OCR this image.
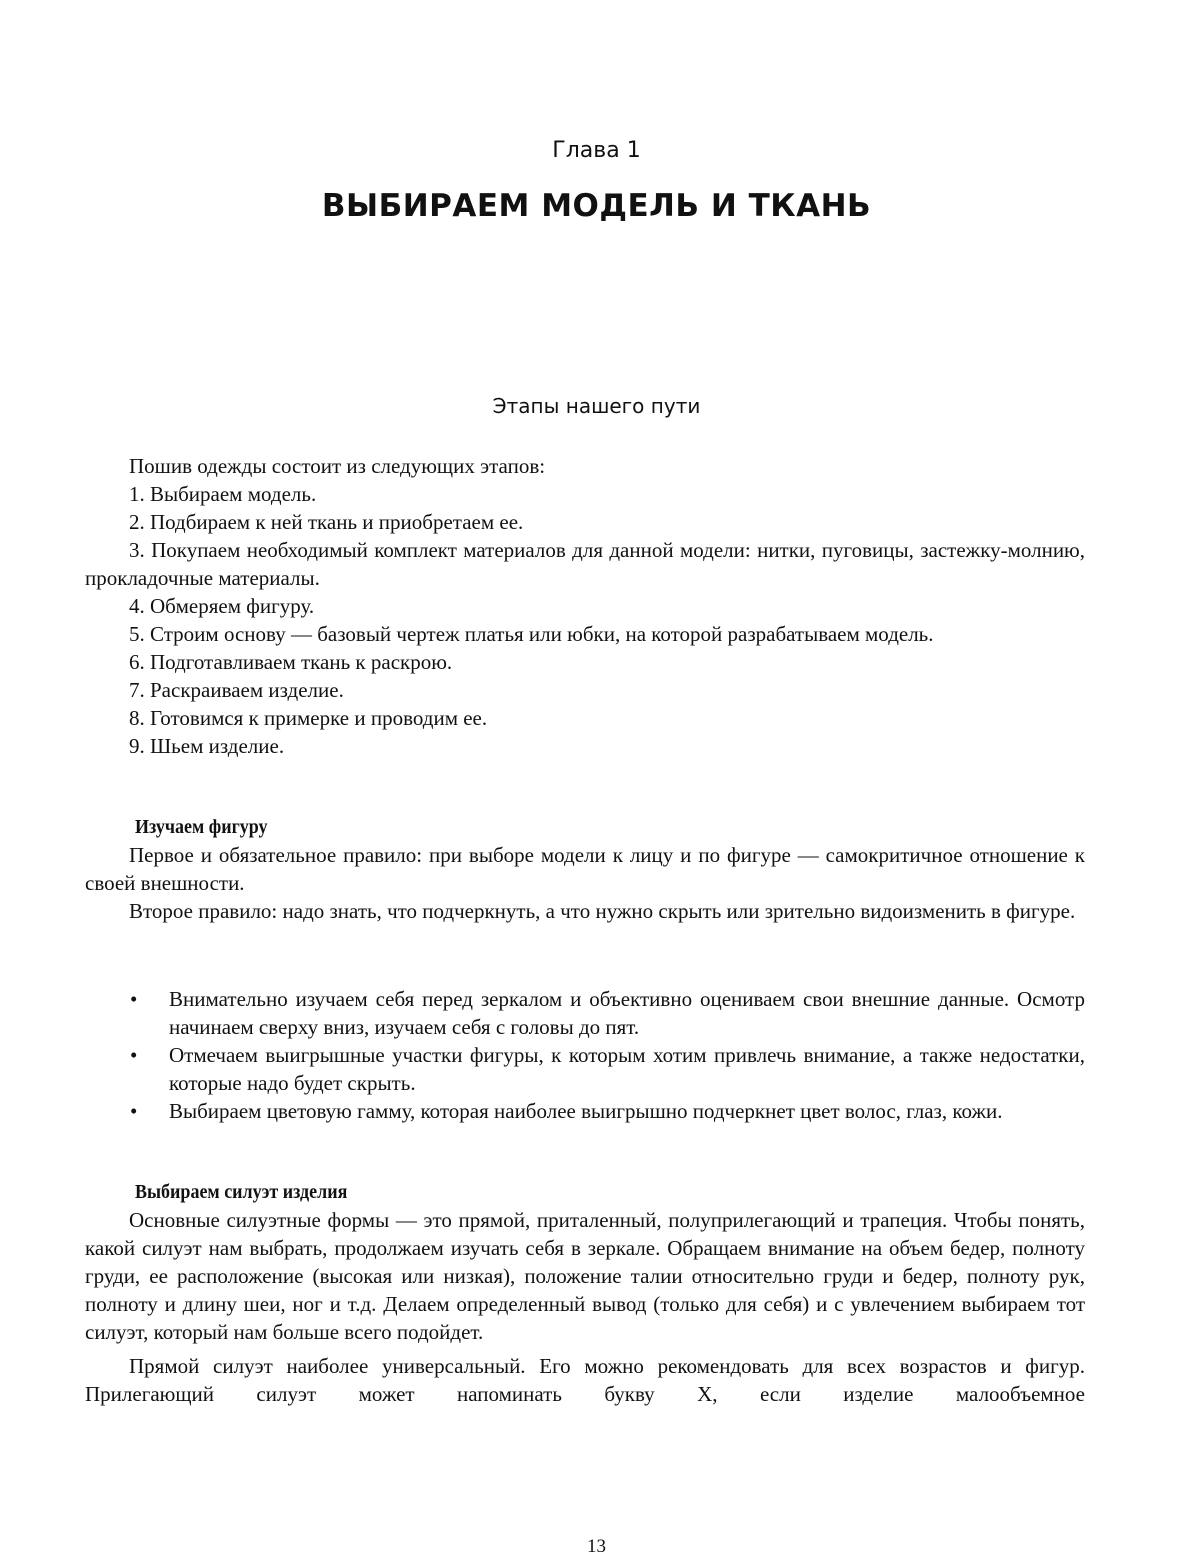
Глава 1
ВЫБИРАЕМ МОДЕЛЬ И ТКАНЬ
Этапы нашего пути

Пошив одежды состоит из следующих этапов:

1. Выбираем модель.

2. Подбираем к ней ткань и приобретаем ее.

3. Покупаем необходимый комплект материалов для данной модели: нитки, пуговицы, застежку-молнию, прокладочные материалы.

4. Обмеряем фигуру.

5. Строим основу — базовый чертеж платья или юбки, на которой разрабатываем модель.

6. Подготавливаем ткань к раскрою.

7. Раскраиваем изделие.

8. Готовимся к примерке и проводим ее.

9. Шьем изделие.

Изучаем фигуру

Первое и обязательное правило: при выборе модели к лицу и по фигуре — самокритичное отношение к своей внешности.

Второе правило: надо знать, что подчеркнуть, а что нужно скрыть или зрительно видоизменить в фигуре.

•	Внимательно изучаем себя перед зеркалом и объективно оцениваем свои внешние данные. Осмотр начинаем сверху вниз, изучаем себя с головы до пят.

•	Отмечаем выигрышные участки фигуры, к которым хотим привлечь внимание, а также недостатки, которые надо будет скрыть.

•	Выбираем цветовую гамму, которая наиболее выигрышно подчеркнет цвет волос, глаз, кожи.

Выбираем силуэт изделия

Основные силуэтные формы — это прямой, приталенный, полуприлегающий и трапеция. Чтобы понять, какой силуэт нам выбрать, продолжаем изучать себя в зеркале. Обращаем внимание на объем бедер, полноту груди, ее расположение (высокая или низкая), положение талии относительно груди и бедер, полноту рук, полноту и длину шеи, ног и т.д. Делаем определенный вывод (только для себя) и с увлечением выбираем тот силуэт, который нам больше всего подойдет.

Прямой силуэт наиболее универсальный. Его можно рекомендовать для всех возрастов и фигур. Прилегающий силуэт может напоминать букву Х, если изделие малообъемное

13
